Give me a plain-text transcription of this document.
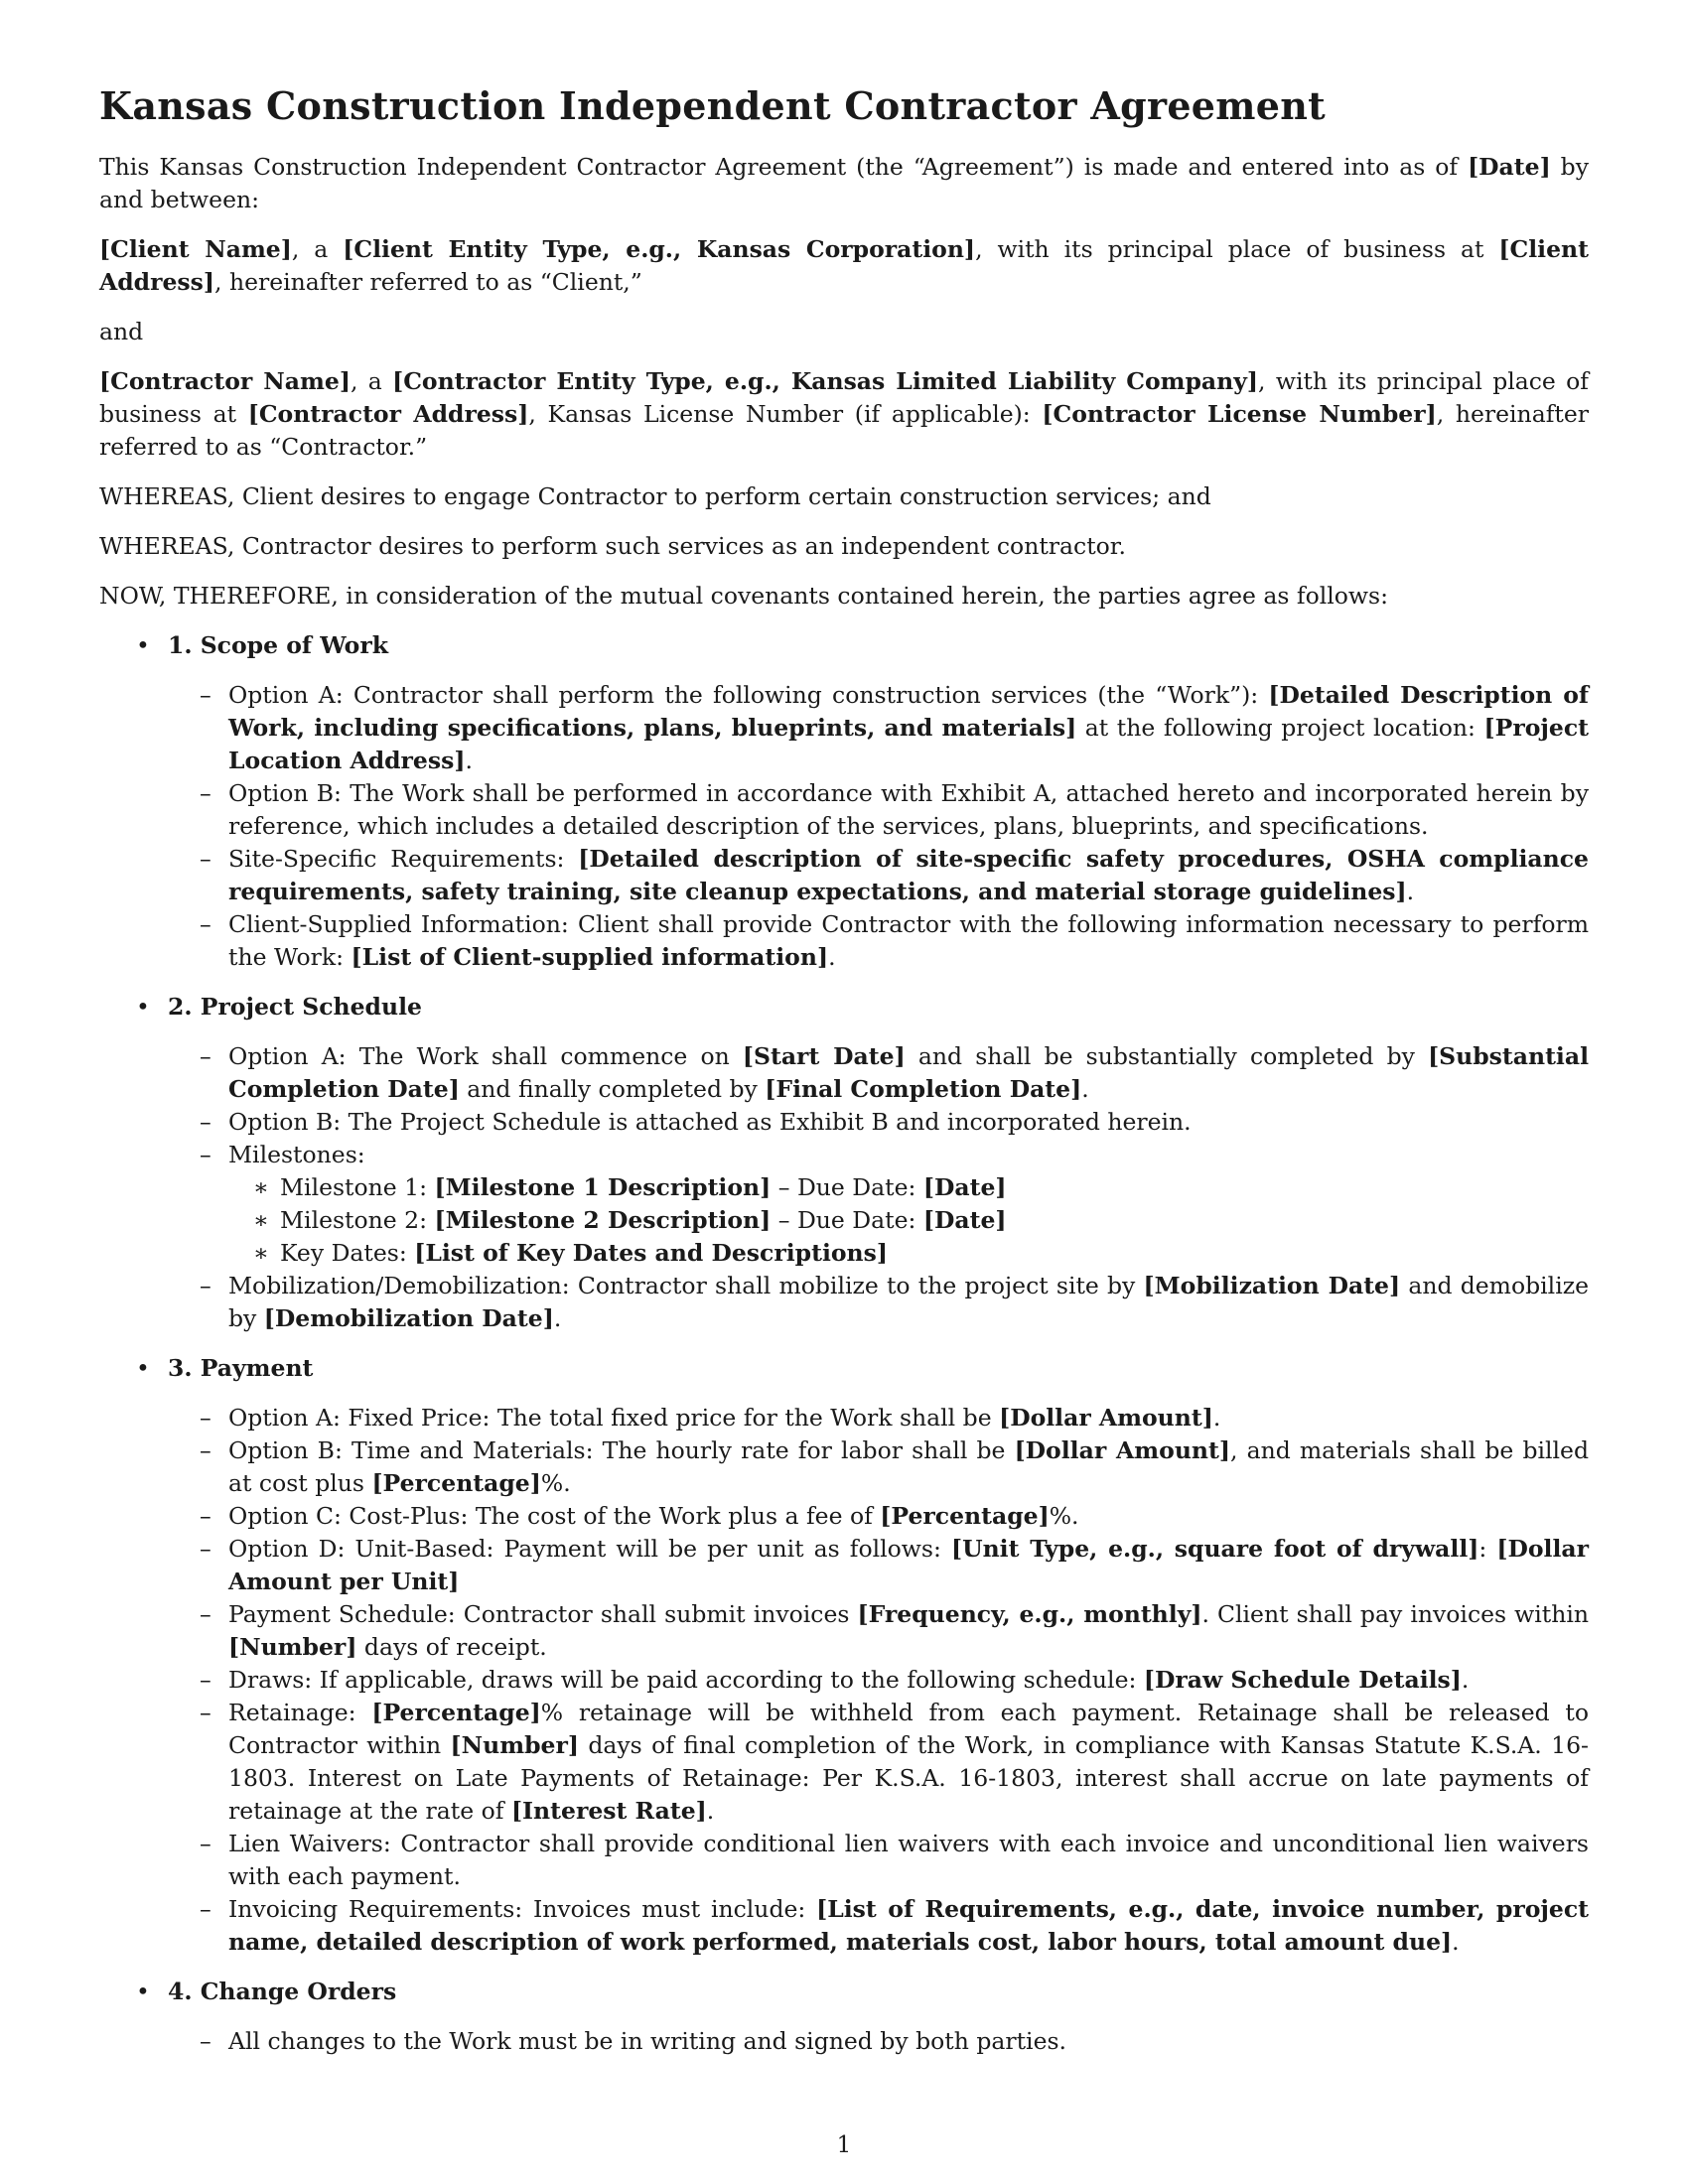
Kansas Construction Independent Contractor Agreement

This Kansas Construction Independent Contractor Agreement (the “Agreement”) is made and entered into as of [Date] by and between:

[Client Name], a [Client Entity Type, e.g., Kansas Corporation], with its principal place of business at [Client Address], hereinafter referred to as “Client,”

and

[Contractor Name], a [Contractor Entity Type, e.g., Kansas Limited Liability Company], with its principal place of business at [Contractor Address], Kansas License Number (if applicable): [Contractor License Number], hereinafter referred to as “Contractor.”

WHEREAS, Client desires to engage Contractor to perform certain construction services; and

WHEREAS, Contractor desires to perform such services as an independent contractor.

NOW, THEREFORE, in consideration of the mutual covenants contained herein, the parties agree as follows:

• 1. Scope of Work
– Option A: Contractor shall perform the following construction services (the “Work”): [Detailed Description of Work, including specifications, plans, blueprints, and materials] at the following project location: [Project Location Address].
– Option B: The Work shall be performed in accordance with Exhibit A, attached hereto and incorporated herein by reference, which includes a detailed description of the services, plans, blueprints, and specifications.
– Site-Specific Requirements: [Detailed description of site-specific safety procedures, OSHA compliance requirements, safety training, site cleanup expectations, and material storage guidelines].
– Client-Supplied Information: Client shall provide Contractor with the following information necessary to perform the Work: [List of Client-supplied information].
• 2. Project Schedule
– Option A: The Work shall commence on [Start Date] and shall be substantially completed by [Substantial Completion Date] and finally completed by [Final Completion Date].
– Option B: The Project Schedule is attached as Exhibit B and incorporated herein.
– Milestones:
∗ Milestone 1: [Milestone 1 Description] – Due Date: [Date]
∗ Milestone 2: [Milestone 2 Description] – Due Date: [Date]
∗ Key Dates: [List of Key Dates and Descriptions]
– Mobilization/Demobilization: Contractor shall mobilize to the project site by [Mobilization Date] and demobilize by [Demobilization Date].
• 3. Payment
– Option A: Fixed Price: The total fixed price for the Work shall be [Dollar Amount].
– Option B: Time and Materials: The hourly rate for labor shall be [Dollar Amount], and materials shall be billed at cost plus [Percentage]%.
– Option C: Cost-Plus: The cost of the Work plus a fee of [Percentage]%.
– Option D: Unit-Based: Payment will be per unit as follows: [Unit Type, e.g., square foot of drywall]: [Dollar Amount per Unit]
– Payment Schedule: Contractor shall submit invoices [Frequency, e.g., monthly]. Client shall pay invoices within [Number] days of receipt.
– Draws: If applicable, draws will be paid according to the following schedule: [Draw Schedule Details].
– Retainage: [Percentage]% retainage will be withheld from each payment. Retainage shall be released to Contractor within [Number] days of final completion of the Work, in compliance with Kansas Statute K.S.A. 16-1803. Interest on Late Payments of Retainage: Per K.S.A. 16-1803, interest shall accrue on late payments of retainage at the rate of [Interest Rate].
– Lien Waivers: Contractor shall provide conditional lien waivers with each invoice and unconditional lien waivers with each payment.
– Invoicing Requirements: Invoices must include: [List of Requirements, e.g., date, invoice number, project name, detailed description of work performed, materials cost, labor hours, total amount due].
• 4. Change Orders
– All changes to the Work must be in writing and signed by both parties.
1
